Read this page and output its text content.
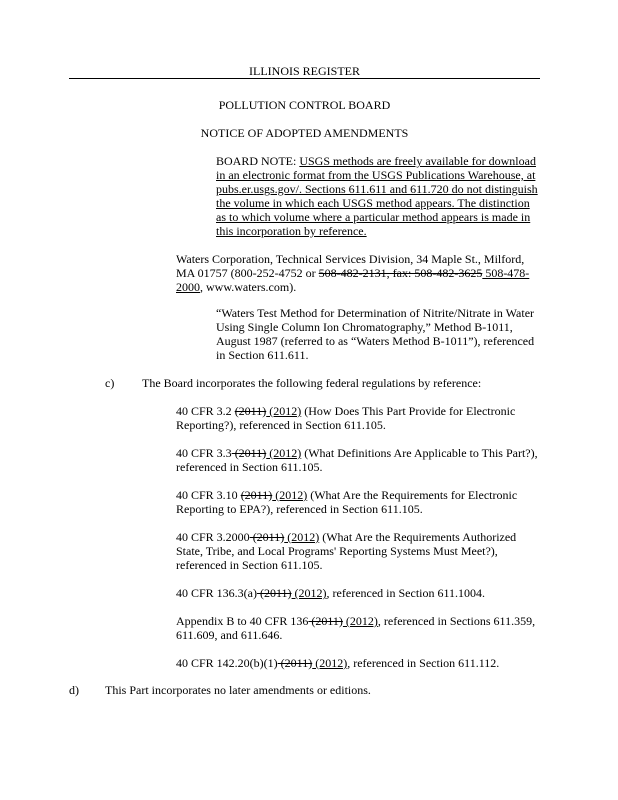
ILLINOIS REGISTER
POLLUTION CONTROL BOARD
NOTICE OF ADOPTED AMENDMENTS

BOARD NOTE: USGS methods are freely available for download in an electronic format from the USGS Publications Warehouse, at pubs.er.usgs.gov/. Sections 611.611 and 611.720 do not distinguish the volume in which each USGS method appears. The distinction as to which volume where a particular method appears is made in this incorporation by reference.

Waters Corporation, Technical Services Division, 34 Maple St., Milford, MA 01757 (800-252-4752 or 508-482-2131, fax: 508-482-3625 508-478-2000, www.waters.com).

“Waters Test Method for Determination of Nitrite/Nitrate in Water Using Single Column Ion Chromatography,” Method B-1011, August 1987 (referred to as “Waters Method B-1011”), referenced in Section 611.611.

c) The Board incorporates the following federal regulations by reference:

40 CFR 3.2 (2011) (2012) (How Does This Part Provide for Electronic Reporting?), referenced in Section 611.105.

40 CFR 3.3 (2011) (2012) (What Definitions Are Applicable to This Part?), referenced in Section 611.105.

40 CFR 3.10 (2011) (2012) (What Are the Requirements for Electronic Reporting to EPA?), referenced in Section 611.105.

40 CFR 3.2000 (2011) (2012) (What Are the Requirements Authorized State, Tribe, and Local Programs' Reporting Systems Must Meet?), referenced in Section 611.105.

40 CFR 136.3(a) (2011) (2012), referenced in Section 611.1004.

Appendix B to 40 CFR 136 (2011) (2012), referenced in Sections 611.359, 611.609, and 611.646.

40 CFR 142.20(b)(1) (2011) (2012), referenced in Section 611.112.

d) This Part incorporates no later amendments or editions.
